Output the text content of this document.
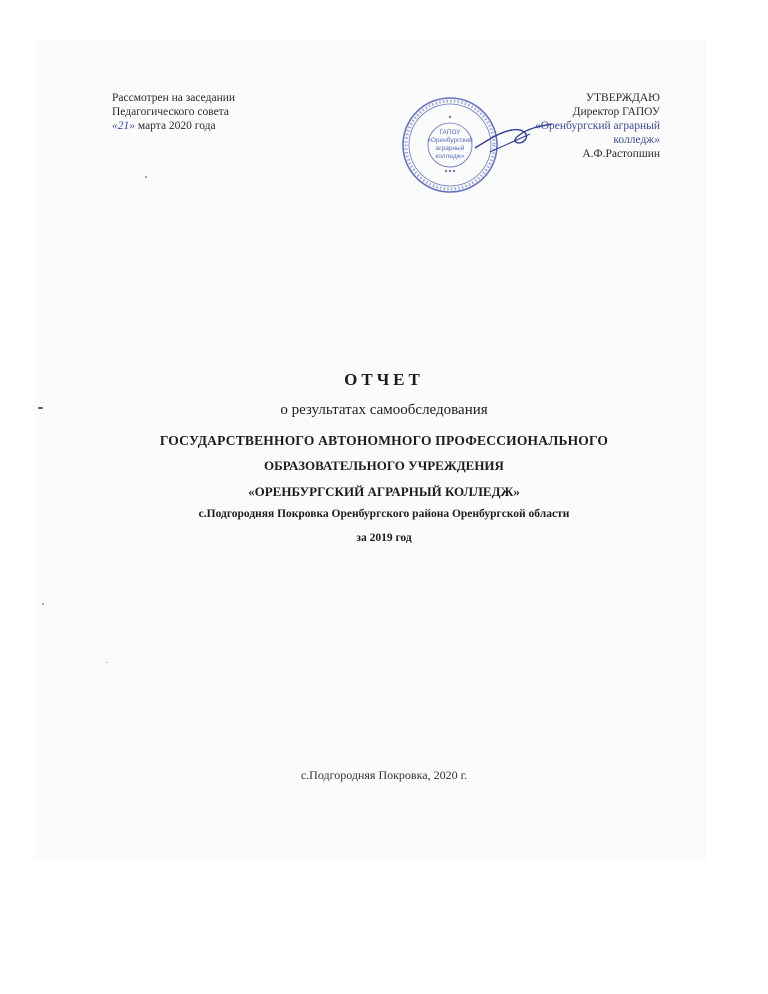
Рассмотрен на заседании
Педагогического совета
«21» марта 2020 года
ГАПОУ
«Оренбургский
аграрный
колледж»
УТВЕРЖДАЮ
Директор ГАПОУ
«Оренбургский аграрный колледж»
А.Ф.Растопшин
ОТЧЕТ
о результатах самообследования
ГОСУДАРСТВЕННОГО АВТОНОМНОГО ПРОФЕССИОНАЛЬНОГО
ОБРАЗОВАТЕЛЬНОГО УЧРЕЖДЕНИЯ
«ОРЕНБУРГСКИЙ АГРАРНЫЙ КОЛЛЕДЖ»
с.Подгородняя Покровка Оренбургского района Оренбургской области
за 2019 год
с.Подгородняя Покровка, 2020 г.
